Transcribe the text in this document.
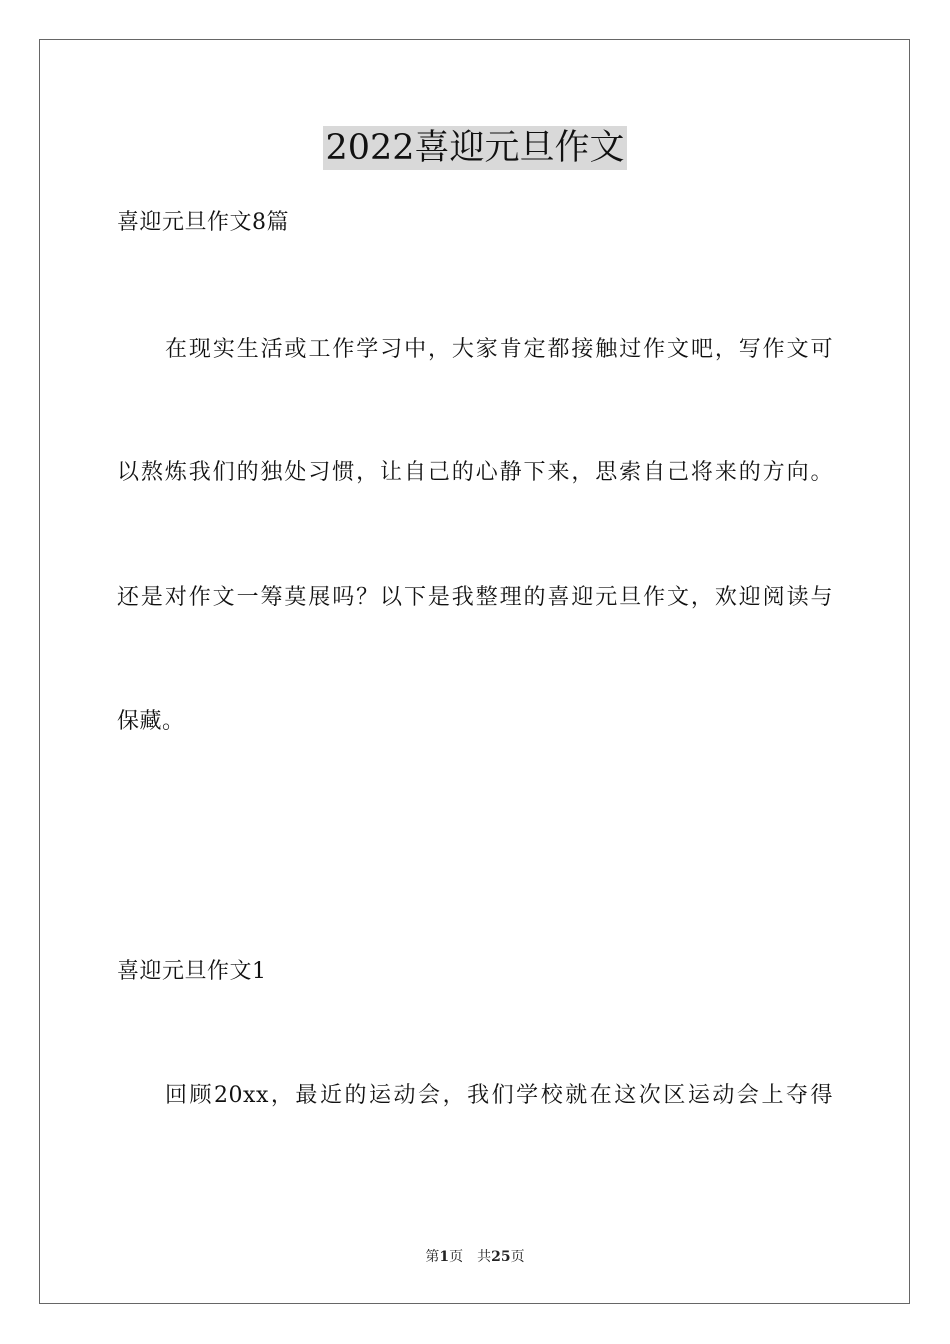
2022喜迎元旦作文
喜迎元旦作文8篇
在现实生活或工作学习中，大家肯定都接触过作文吧，写作文可
以熬炼我们的独处习惯，让自己的心静下来，思索自己将来的方向。
还是对作文一筹莫展吗？以下是我整理的喜迎元旦作文，欢迎阅读与
保藏。
喜迎元旦作文1
回顾20xx，最近的运动会，我们学校就在这次区运动会上夺得
第1页 共25页
